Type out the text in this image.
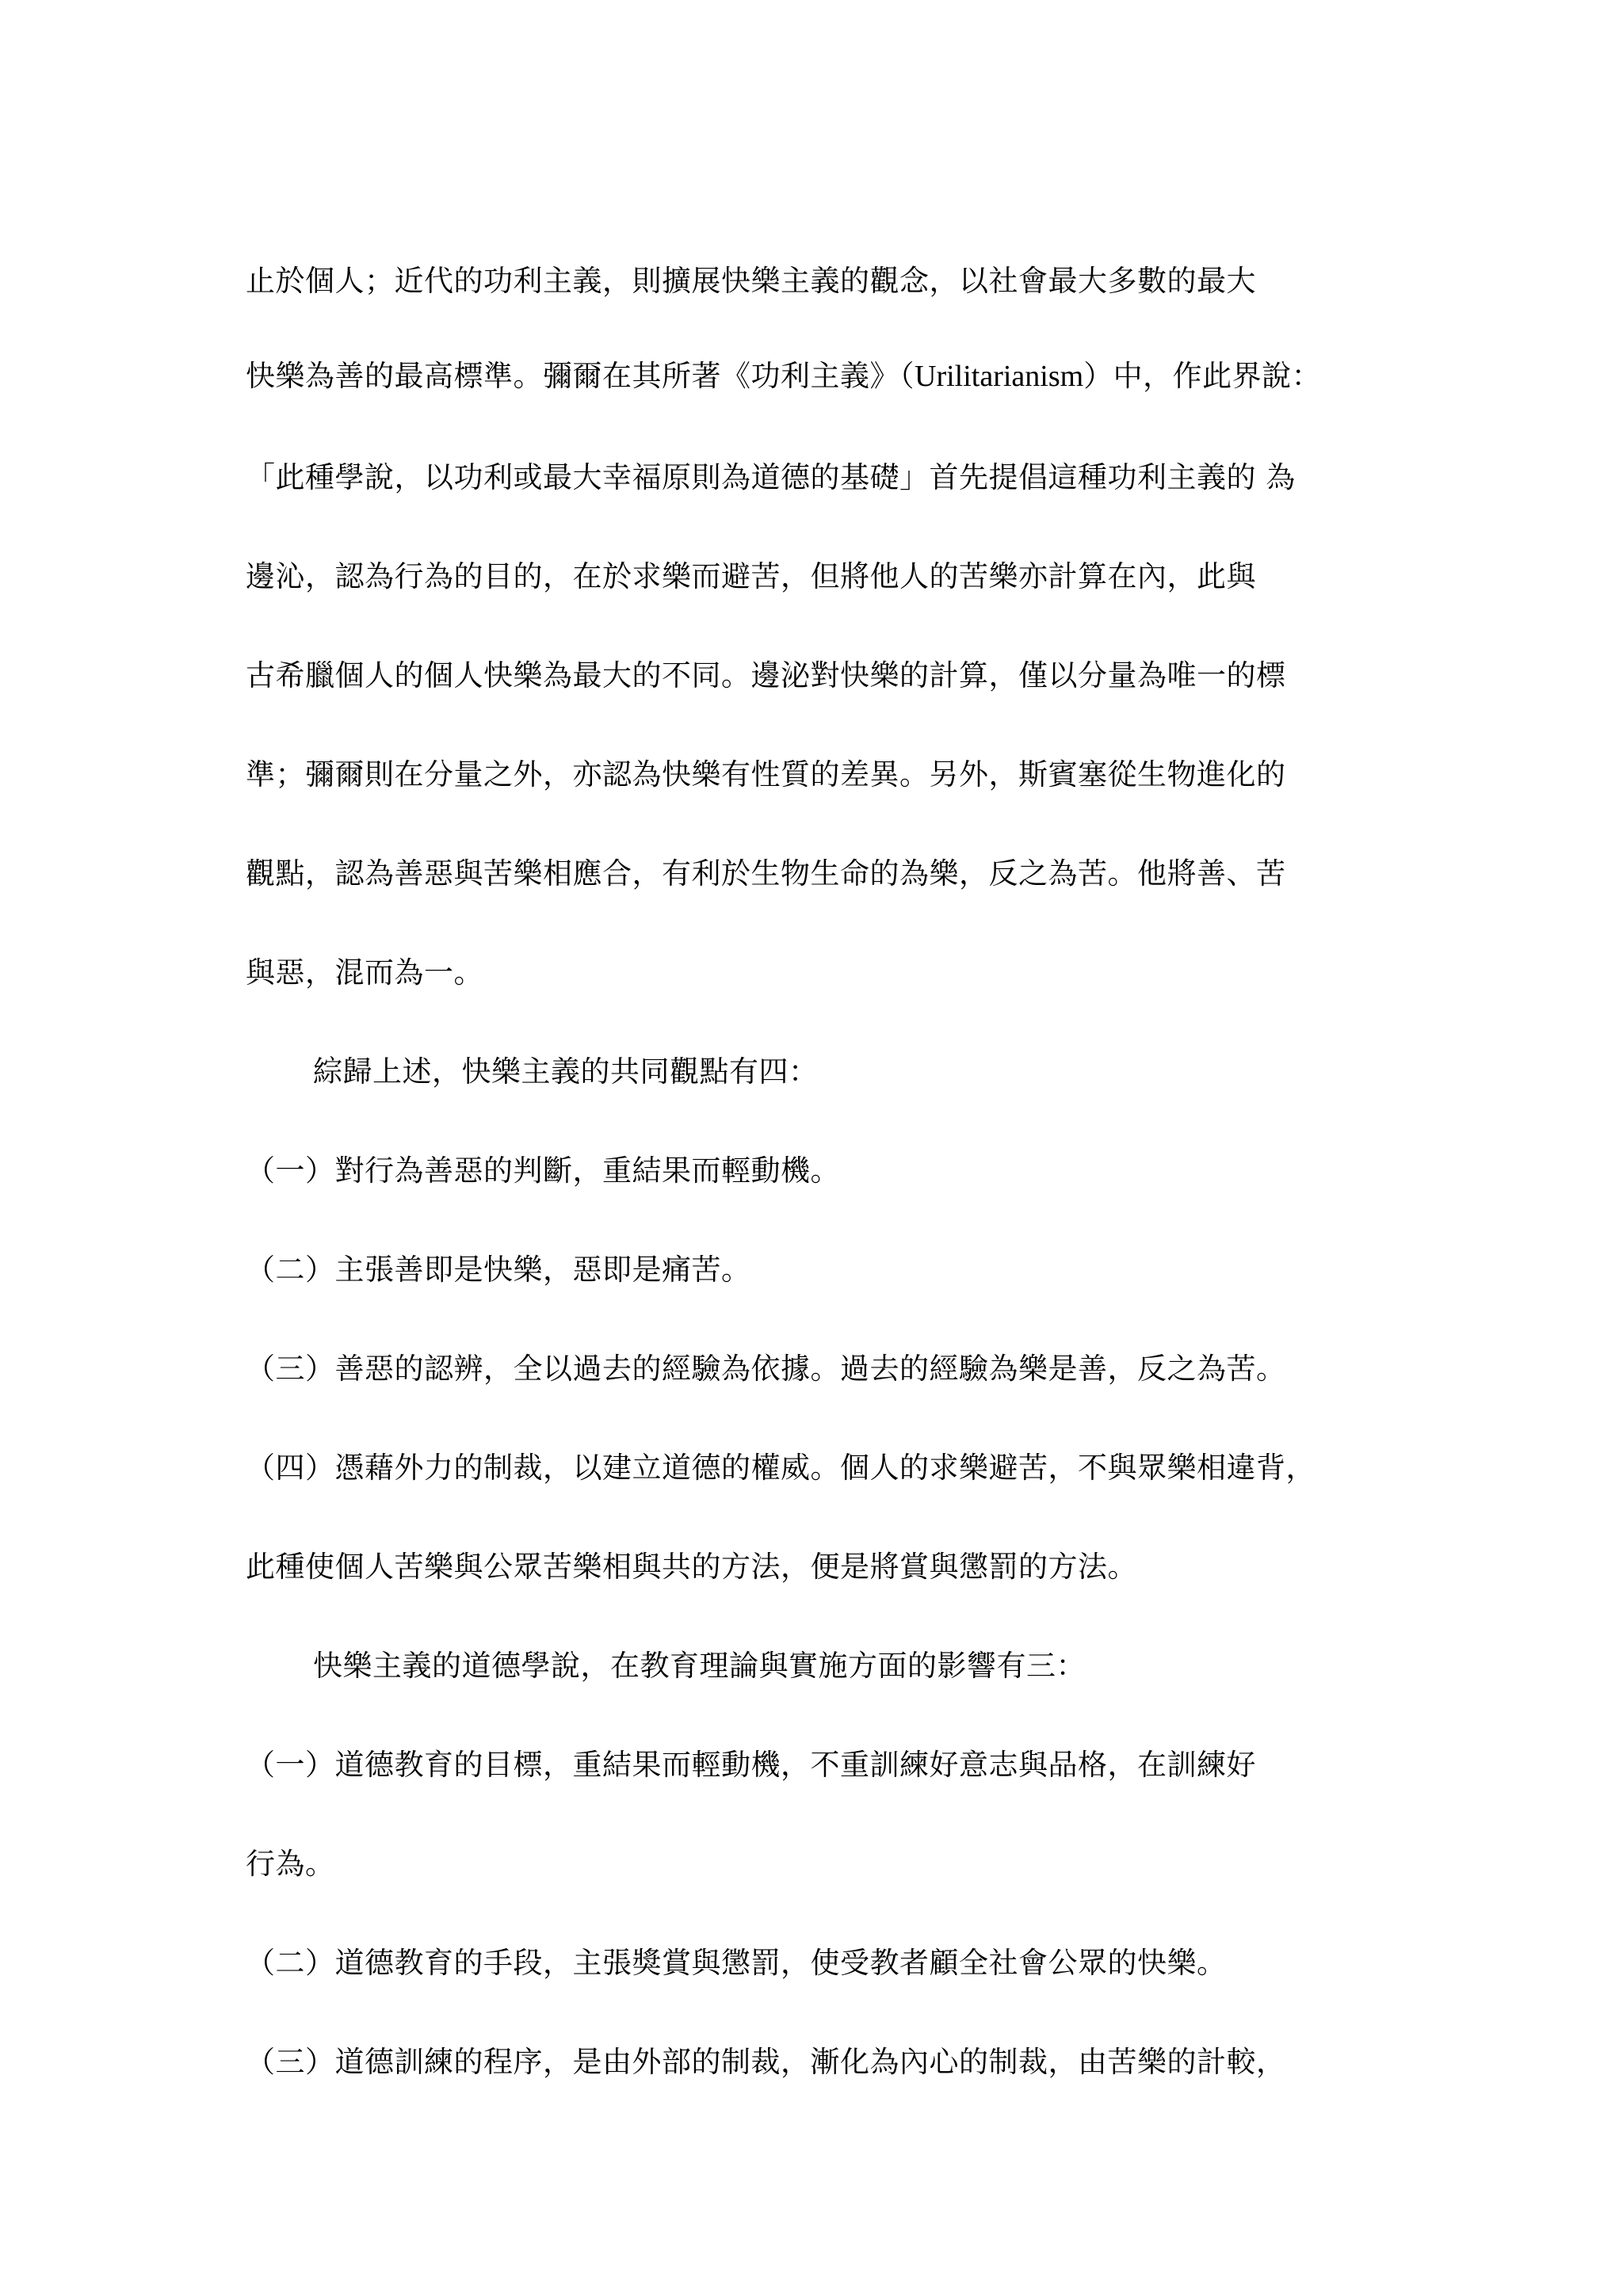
止於個人；近代的功利主義，則擴展快樂主義的觀念，以社會最大多數的最大
快樂為善的最高標準。彌爾在其所著《功利主義》（Urilitarianism）中，作此界說：
「此種學說，以功利或最大幸福原則為道德的基礎」首先提倡這種功利主義的 為
邊沁，認為行為的目的，在於求樂而避苦，但將他人的苦樂亦計算在內，此與
古希臘個人的個人快樂為最大的不同。邊泌對快樂的計算，僅以分量為唯一的標
準；彌爾則在分量之外，亦認為快樂有性質的差異。另外，斯賓塞從生物進化的
觀點，認為善惡與苦樂相應合，有利於生物生命的為樂，反之為苦。他將善、苦
與惡，混而為一。
綜歸上述，快樂主義的共同觀點有四：
（一）對行為善惡的判斷，重結果而輕動機。
（二）主張善即是快樂，惡即是痛苦。
（三）善惡的認辨，全以過去的經驗為依據。過去的經驗為樂是善，反之為苦。
（四）憑藉外力的制裁，以建立道德的權威。個人的求樂避苦，不與眾樂相違背，
此種使個人苦樂與公眾苦樂相與共的方法，便是將賞與懲罰的方法。
快樂主義的道德學說，在教育理論與實施方面的影響有三：
（一）道德教育的目標，重結果而輕動機，不重訓練好意志與品格，在訓練好
行為。
（二）道德教育的手段，主張獎賞與懲罰，使受教者顧全社會公眾的快樂。
（三）道德訓練的程序，是由外部的制裁，漸化為內心的制裁，由苦樂的計較，
